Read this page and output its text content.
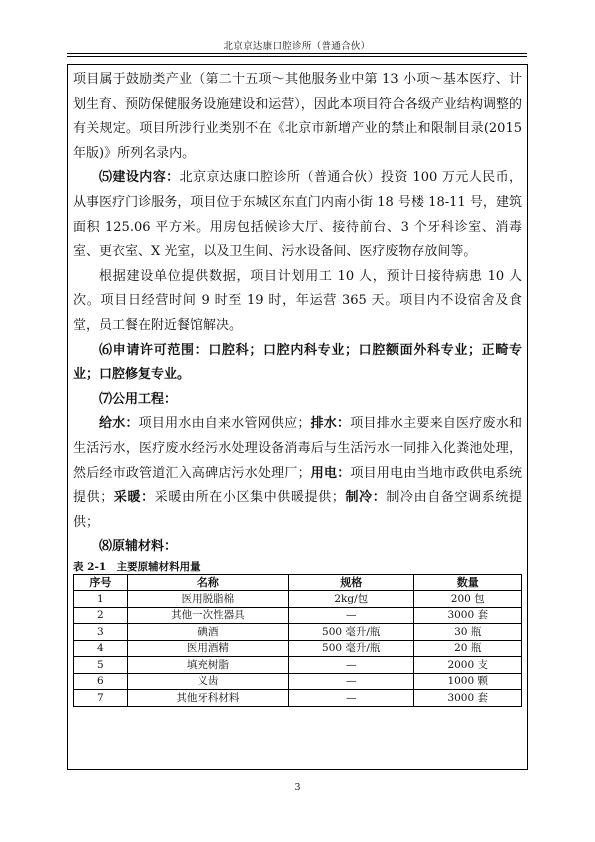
北京京达康口腔诊所（普通合伙）

项目属于鼓励类产业（第二十五项～其他服务业中第 13 小项～基本医疗、计划生育、预防保健服务设施建设和运营），因此本项目符合各级产业结构调整的有关规定。项目所涉行业类别不在《北京市新增产业的禁止和限制目录(2015 年版)》所列名录内。

⑸建设内容：北京京达康口腔诊所（普通合伙）投资 100 万元人民币，从事医疗门诊服务，项目位于东城区东直门内南小街 18 号楼 18-11 号，建筑面积 125.06 平方米。用房包括候诊大厅、接待前台、3 个牙科诊室、消毒室、更衣室、X 光室，以及卫生间、污水设备间、医疗废物存放间等。

根据建设单位提供数据，项目计划用工 10 人，预计日接待病患 10 人次。项目日经营时间 9 时至 19 时，年运营 365 天。项目内不设宿舍及食堂，员工餐在附近餐馆解决。

⑹申请许可范围：口腔科；口腔内科专业；口腔额面外科专业；正畸专业；口腔修复专业。

⑺公用工程：

给水：项目用水由自来水管网供应；排水：项目排水主要来自医疗废水和生活污水，医疗废水经污水处理设备消毒后与生活污水一同排入化粪池处理，然后经市政管道汇入高碑店污水处理厂；用电：项目用电由当地市政供电系统提供；采暖：采暖由所在小区集中供暖提供；制冷：制冷由自备空调系统提供；

⑻原辅材料：

表 2-1　主要原辅材料用量

序号	名称	规格	数量
1	医用脱脂棉	2kg/包	200 包
2	其他一次性器具	—	3000 套
3	碘酒	500 毫升/瓶	30 瓶
4	医用酒精	500 毫升/瓶	20 瓶
5	填充树脂	—	2000 支
6	义齿	—	1000 颗
7	其他牙科材料	—	3000 套
3
